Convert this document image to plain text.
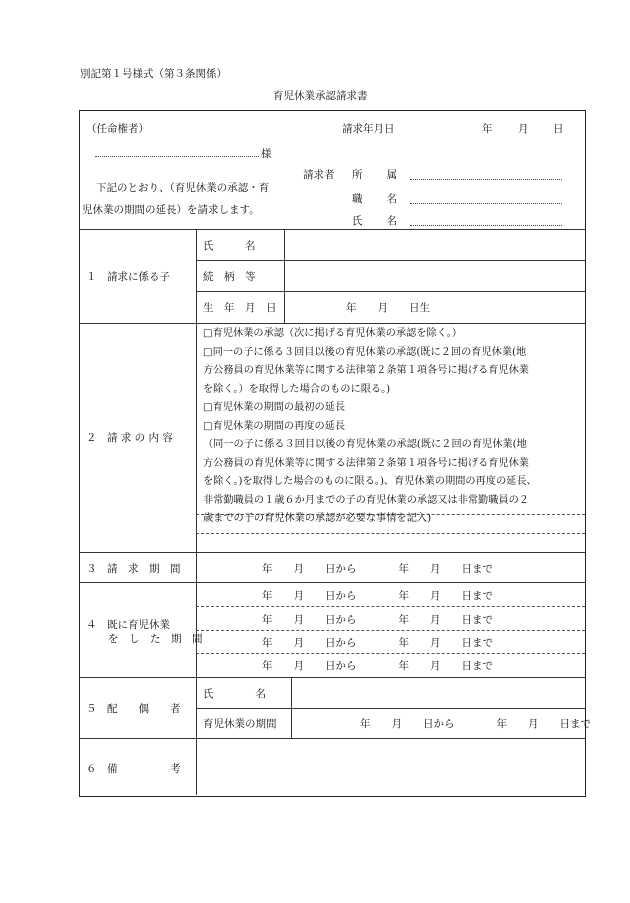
別記第１号様式（第３条関係）
育児休業承認請求書
（任命権者）	請求年月日	年 月 日
様
下記のとおり、（育児休業の承認・育
児休業の期間の延長）を請求します。
請求者 所　　属
職　　名
氏　　名
１　請求に係る子
氏　　　名
続　柄　等
生　年　月　日	年　　月　　日生
２　請 求 の 内 容

□育児休業の承認（次に掲げる育児休業の承認を除く。）

□同一の子に係る３回目以後の育児休業の承認(既に２回の育児休業(地

方公務員の育児休業等に関する法律第２条第１項各号に掲げる育児休業

を除く。）を取得した場合のものに限る。)

□育児休業の期間の最初の延長

□育児休業の期間の再度の延長

（同一の子に係る３回目以後の育児休業の承認(既に２回の育児休業(地

方公務員の育児休業等に関する法律第２条第１項各号に掲げる育児休業

を除く。)を取得した場合のものに限る。)、育児休業の期間の再度の延長、

非常勤職員の１歳６か月までの子の育児休業の承認又は非常勤職員の２

歳までの子の育児休業の承認が必要な事情を記入)

３　請　求　期　間	年　　月　　日から　　　　年　　月　　日まで
４　既に育児休業
を　し　た　期　間
年　　月　　日から　　　　年　　月　　日まで
年　　月　　日から　　　　年　　月　　日まで
年　　月　　日から　　　　年　　月　　日まで
年　　月　　日から　　　　年　　月　　日まで
５　配　　偶　　者
氏　　　　名
育児休業の期間	年　　月　　日から　　　　年　　月　　日まで
６　備　　　　　考
